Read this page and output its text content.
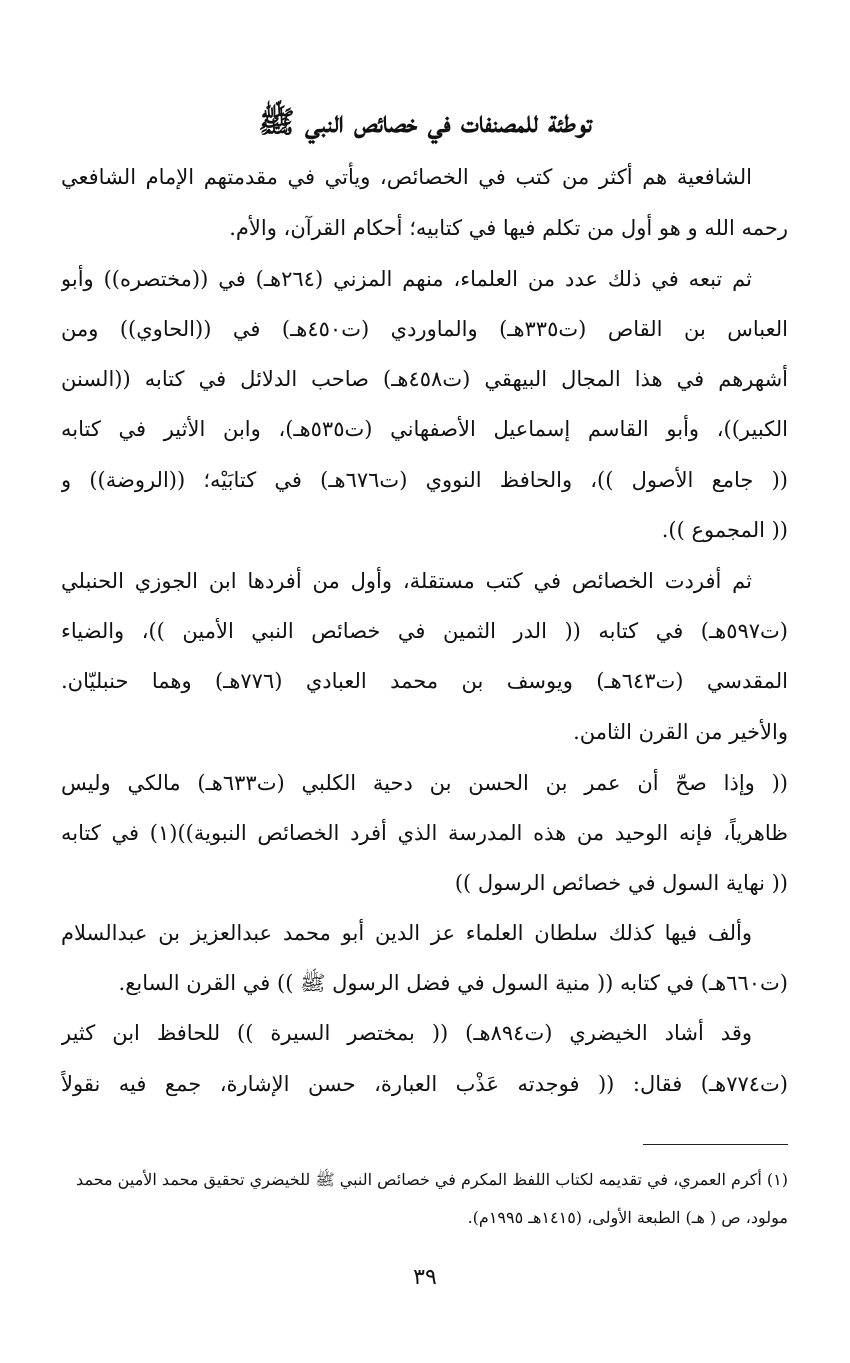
توطئة للمصنفات في خصائص النبي ﷺ
الشافعية هم أكثر من كتب في الخصائص، ويأتي في مقدمتهم الإمام الشافعي
رحمه الله و هو أول من تكلم فيها في كتابيه؛ أحكام القرآن، والأم.
ثم تبعه في ذلك عدد من العلماء، منهم المزني (٢٦٤هـ) في ((مختصره)) وأبو
العباس بن القاص (ت٣٣٥هـ) والماوردي (ت٤٥٠هـ) في ((الحاوي)) ومن
أشهرهم في هذا المجال البيهقي (ت٤٥٨هـ) صاحب الدلائل في كتابه ((السنن
الكبير))، وأبو القاسم إسماعيل الأصفهاني (ت٥٣٥هـ)، وابن الأثير في كتابه
(( جامع الأصول ))، والحافظ النووي (ت٦٧٦هـ) في كتابَيْه؛ ((الروضة)) و
(( المجموع )).
ثم أفردت الخصائص في كتب مستقلة، وأول من أفردها ابن الجوزي الحنبلي
(ت٥٩٧هـ) في كتابه (( الدر الثمين في خصائص النبي الأمين ))، والضياء
المقدسي (ت٦٤٣هـ) ويوسف بن محمد العبادي (٧٧٦هـ) وهما حنبليّان.
والأخير من القرن الثامن.
(( وإذا صحّ أن عمر بن الحسن بن دحية الكلبي (ت٦٣٣هـ) مالكي وليس
ظاهرياً، فإنه الوحيد من هذه المدرسة الذي أفرد الخصائص النبوية))(١) في كتابه
(( نهاية السول في خصائص الرسول ))
وألف فيها كذلك سلطان العلماء عز الدين أبو محمد عبدالعزيز بن عبدالسلام
(ت٦٦٠هـ) في كتابه (( منية السول في فضل الرسول ﷺ )) في القرن السابع.
وقد أشاد الخيضري (ت٨٩٤هـ) (( بمختصر السيرة )) للحافظ ابن كثير
(ت٧٧٤هـ) فقال: (( فوجدته عَذْب العبارة، حسن الإشارة، جمع فيه نقولاً
(١) أكرم العمري، في تقديمه لكتاب اللفظ المكرم في خصائص النبي ﷺ للخيضري تحقيق محمد الأمين محمد
مولود، ص ( هـ) الطبعة الأولى، (١٤١٥هـ ١٩٩٥م).
٣٩
